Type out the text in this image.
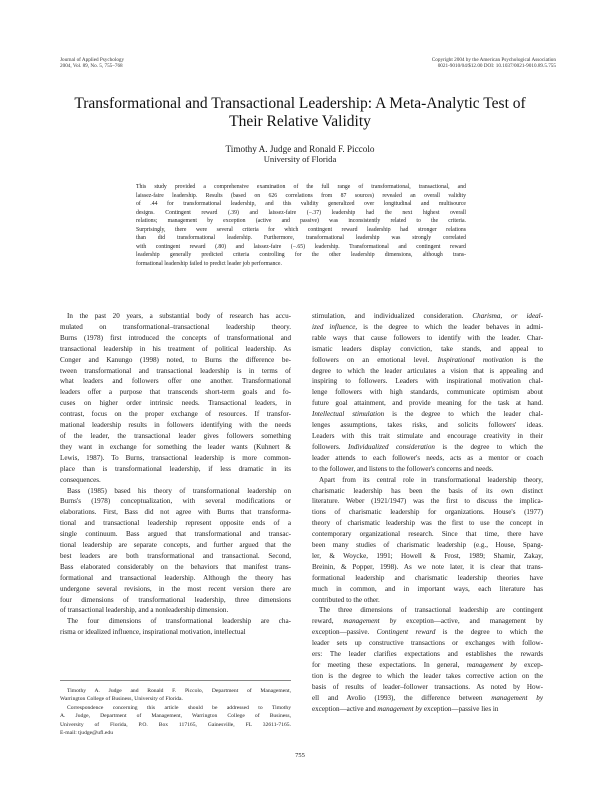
Journal of Applied Psychology
2004, Vol. 89, No. 5, 755–768
Copyright 2004 by the American Psychological Association
0021-9010/04/$12.00 DOI: 10.1037/0021-9010.89.5.755
Transformational and Transactional Leadership: A Meta-Analytic Test of
Their Relative Validity
Timothy A. Judge and Ronald F. Piccolo
University of Florida
This study provided a comprehensive examination of the full range of transformational, transactional, and
laissez-faire leadership. Results (based on 626 correlations from 87 sources) revealed an overall validity
of .44 for transformational leadership, and this validity generalized over longitudinal and multisource
designs. Contingent reward (.39) and laissez-faire (−.37) leadership had the next highest overall
relations; management by exception (active and passive) was inconsistently related to the criteria.
Surprisingly, there were several criteria for which contingent reward leadership had stronger relations
than did transformational leadership. Furthermore, transformational leadership was strongly correlated
with contingent reward (.80) and laissez-faire (−.65) leadership. Transformational and contingent reward
leadership generally predicted criteria controlling for the other leadership dimensions, although trans-
formational leadership failed to predict leader job performance.
In the past 20 years, a substantial body of research has accu-
mulated on transformational–transactional leadership theory.
Burns (1978) first introduced the concepts of transformational and
transactional leadership in his treatment of political leadership. As
Conger and Kanungo (1998) noted, to Burns the difference be-
tween transformational and transactional leadership is in terms of
what leaders and followers offer one another. Transformational
leaders offer a purpose that transcends short-term goals and fo-
cuses on higher order intrinsic needs. Transactional leaders, in
contrast, focus on the proper exchange of resources. If transfor-
mational leadership results in followers identifying with the needs
of the leader, the transactional leader gives followers something
they want in exchange for something the leader wants (Kuhnert &
Lewis, 1987). To Burns, transactional leadership is more common-
place than is transformational leadership, if less dramatic in its
consequences.
Bass (1985) based his theory of transformational leadership on
Burns's (1978) conceptualization, with several modifications or
elaborations. First, Bass did not agree with Burns that transforma-
tional and transactional leadership represent opposite ends of a
single continuum. Bass argued that transformational and transac-
tional leadership are separate concepts, and further argued that the
best leaders are both transformational and transactional. Second,
Bass elaborated considerably on the behaviors that manifest trans-
formational and transactional leadership. Although the theory has
undergone several revisions, in the most recent version there are
four dimensions of transformational leadership, three dimensions
of transactional leadership, and a nonleadership dimension.
The four dimensions of transformational leadership are cha-
risma or idealized influence, inspirational motivation, intellectual
stimulation, and individualized consideration. Charisma, or ideal-
ized influence, is the degree to which the leader behaves in admi-
rable ways that cause followers to identify with the leader. Char-
ismatic leaders display conviction, take stands, and appeal to
followers on an emotional level. Inspirational motivation is the
degree to which the leader articulates a vision that is appealing and
inspiring to followers. Leaders with inspirational motivation chal-
lenge followers with high standards, communicate optimism about
future goal attainment, and provide meaning for the task at hand.
Intellectual stimulation is the degree to which the leader chal-
lenges assumptions, takes risks, and solicits followers' ideas.
Leaders with this trait stimulate and encourage creativity in their
followers. Individualized consideration is the degree to which the
leader attends to each follower's needs, acts as a mentor or coach
to the follower, and listens to the follower's concerns and needs.
Apart from its central role in transformational leadership theory,
charismatic leadership has been the basis of its own distinct
literature. Weber (1921/1947) was the first to discuss the implica-
tions of charismatic leadership for organizations. House's (1977)
theory of charismatic leadership was the first to use the concept in
contemporary organizational research. Since that time, there have
been many studies of charismatic leadership (e.g., House, Spang-
ler, & Woycke, 1991; Howell & Frost, 1989; Shamir, Zakay,
Breinin, & Popper, 1998). As we note later, it is clear that trans-
formational leadership and charismatic leadership theories have
much in common, and in important ways, each literature has
contributed to the other.
The three dimensions of transactional leadership are contingent
reward, management by exception—active, and management by
exception—passive. Contingent reward is the degree to which the
leader sets up constructive transactions or exchanges with follow-
ers: The leader clarifies expectations and establishes the rewards
for meeting these expectations. In general, management by excep-
tion is the degree to which the leader takes corrective action on the
basis of results of leader–follower transactions. As noted by How-
ell and Avolio (1993), the difference between management by
exception—active and management by exception—passive lies in
Timothy A. Judge and Ronald F. Piccolo, Department of Management,
Warrington College of Business, University of Florida.
Correspondence concerning this article should be addressed to Timothy
A. Judge, Department of Management, Warrington College of Business,
University of Florida, P.O. Box 117165, Gainesville, FL 32611-7165.
E-mail: tjudge@ufl.edu
755
